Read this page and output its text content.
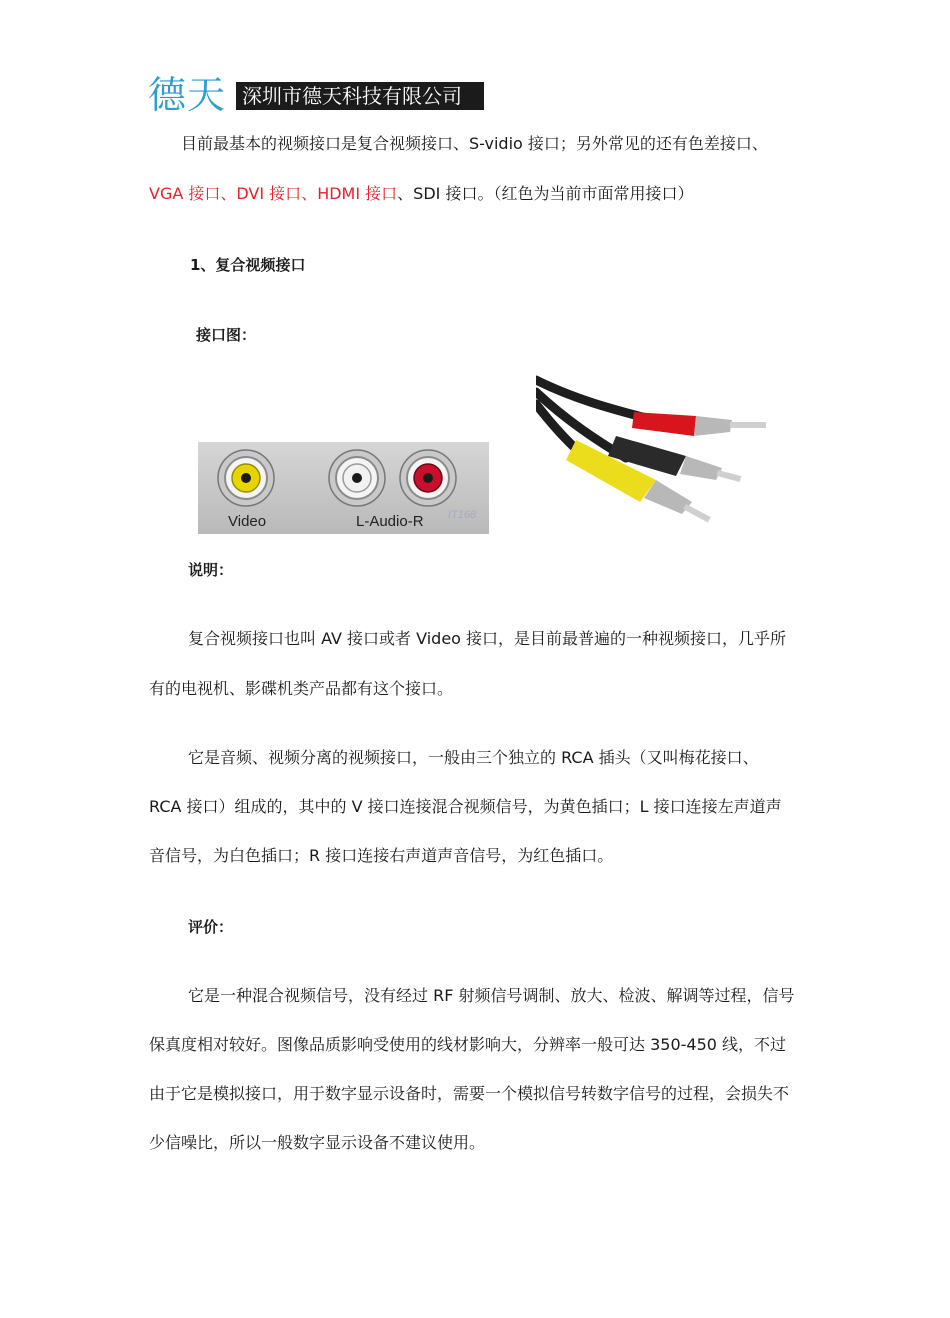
德天 深圳市德天科技有限公司
目前最基本的视频接口是复合视频接口、S-vidio 接口；另外常见的还有色差接口、
VGA 接口、DVI 接口、HDMI 接口、SDI 接口。（红色为当前市面常用接口）
1、复合视频接口
接口图：
Video	L-Audio-R IT168
说明：
复合视频接口也叫 AV 接口或者 Video 接口，是目前最普遍的一种视频接口，几乎所
有的电视机、影碟机类产品都有这个接口。
它是音频、视频分离的视频接口，一般由三个独立的 RCA 插头（又叫梅花接口、
RCA 接口）组成的，其中的 V 接口连接混合视频信号，为黄色插口；L 接口连接左声道声
音信号，为白色插口；R 接口连接右声道声音信号，为红色插口。
评价：
它是一种混合视频信号，没有经过 RF 射频信号调制、放大、检波、解调等过程，信号
保真度相对较好。图像品质影响受使用的线材影响大，分辨率一般可达 350-450 线，不过
由于它是模拟接口，用于数字显示设备时，需要一个模拟信号转数字信号的过程，会损失不
少信噪比，所以一般数字显示设备不建议使用。
